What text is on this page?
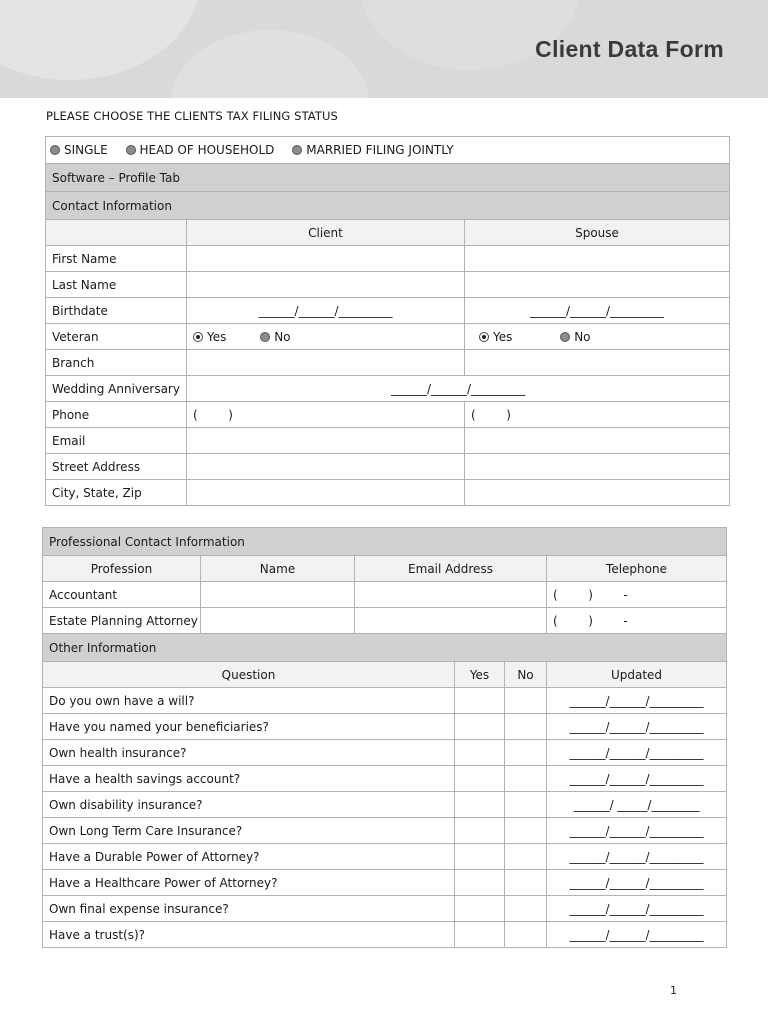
Client Data Form
PLEASE CHOOSE THE CLIENTS TAX FILING STATUS
SINGLE HEAD OF HOUSEHOLD MARRIED FILING JOINTLY		
Software – Profile Tab		
Contact Information		
	Client	Spouse
First Name		
Last Name		
Birthdate	______/______/_________	______/______/_________
Veteran	Yes No	Yes No
Branch		
Wedding Anniversary	______/______/_________	
Phone	(        )	(        )
Email		
Street Address		
City, State, Zip		
Professional Contact Information					
Profession	Name	Email Address			Telephone
Accountant					(        )        -
Estate Planning Attorney					(        )        -
Other Information					
Question			Yes	No	Updated
Do you own have a will?					______/______/_________
Have you named your beneficiaries?					______/______/_________
Own health insurance?					______/______/_________
Have a health savings account?					______/______/_________
Own disability insurance?					______/ _____/________
Own Long Term Care Insurance?					______/______/_________
Have a Durable Power of Attorney?					______/______/_________
Have a Healthcare Power of Attorney?					______/______/_________
Own final expense insurance?					______/______/_________
Have a trust(s)?					______/______/_________
1
